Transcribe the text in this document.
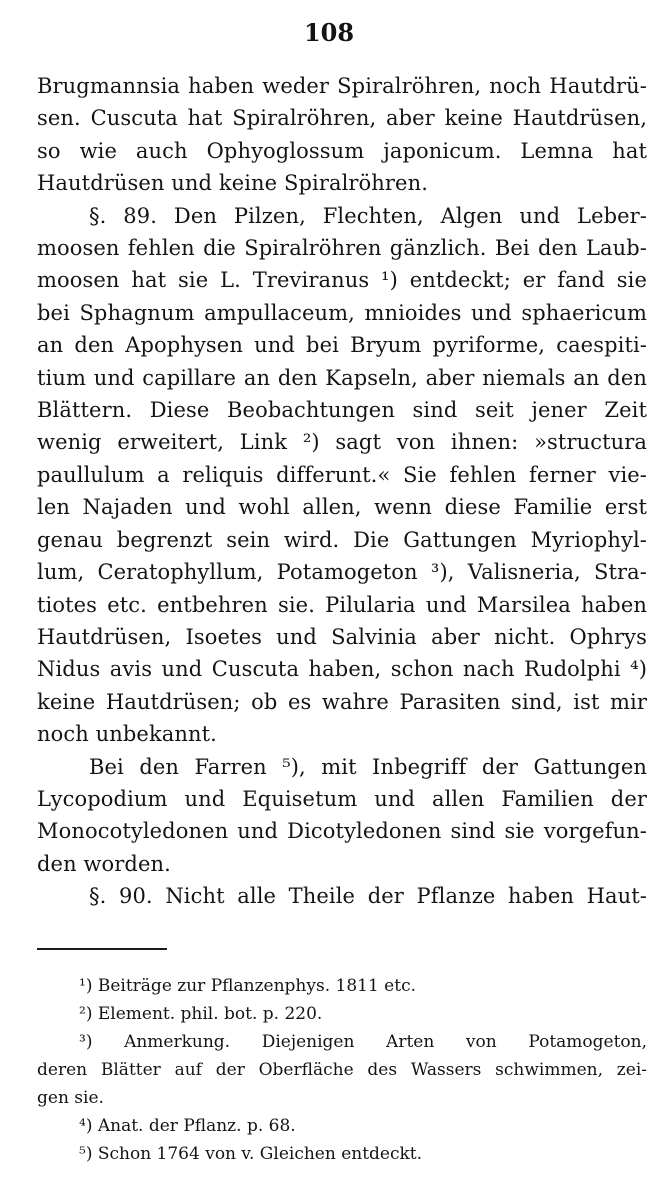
108
Brugmannsia haben weder Spiralröhren, noch Hautdrü-
sen. Cuscuta hat Spiralröhren, aber keine Hautdrüsen,
so wie auch Ophyoglossum japonicum. Lemna hat
Hautdrüsen und keine Spiralröhren.
§. 89. Den Pilzen, Flechten, Algen und Leber-
moosen fehlen die Spiralröhren gänzlich. Bei den Laub-
moosen hat sie L. Treviranus ¹) entdeckt; er fand sie
bei Sphagnum ampullaceum, mnioides und sphaericum
an den Apophysen und bei Bryum pyriforme, caespiti-
tium und capillare an den Kapseln, aber niemals an den
Blättern. Diese Beobachtungen sind seit jener Zeit
wenig erweitert, Link ²) sagt von ihnen: »structura
paullulum a reliquis differunt.« Sie fehlen ferner vie-
len Najaden und wohl allen, wenn diese Familie erst
genau begrenzt sein wird. Die Gattungen Myriophyl-
lum, Ceratophyllum, Potamogeton ³), Valisneria, Stra-
tiotes etc. entbehren sie. Pilularia und Marsilea haben
Hautdrüsen, Isoetes und Salvinia aber nicht. Ophrys
Nidus avis und Cuscuta haben, schon nach Rudolphi ⁴)
keine Hautdrüsen; ob es wahre Parasiten sind, ist mir
noch unbekannt.
Bei den Farren ⁵), mit Inbegriff der Gattungen
Lycopodium und Equisetum und allen Familien der
Monocotyledonen und Dicotyledonen sind sie vorgefun-
den worden.
§. 90. Nicht alle Theile der Pflanze haben Haut-
¹) Beiträge zur Pflanzenphys. 1811 etc.
²) Element. phil. bot. p. 220.
³) Anmerkung. Diejenigen Arten von Potamogeton,
deren Blätter auf der Oberfläche des Wassers schwimmen, zei-
gen sie.
⁴) Anat. der Pflanz. p. 68.
⁵) Schon 1764 von v. Gleichen entdeckt.
